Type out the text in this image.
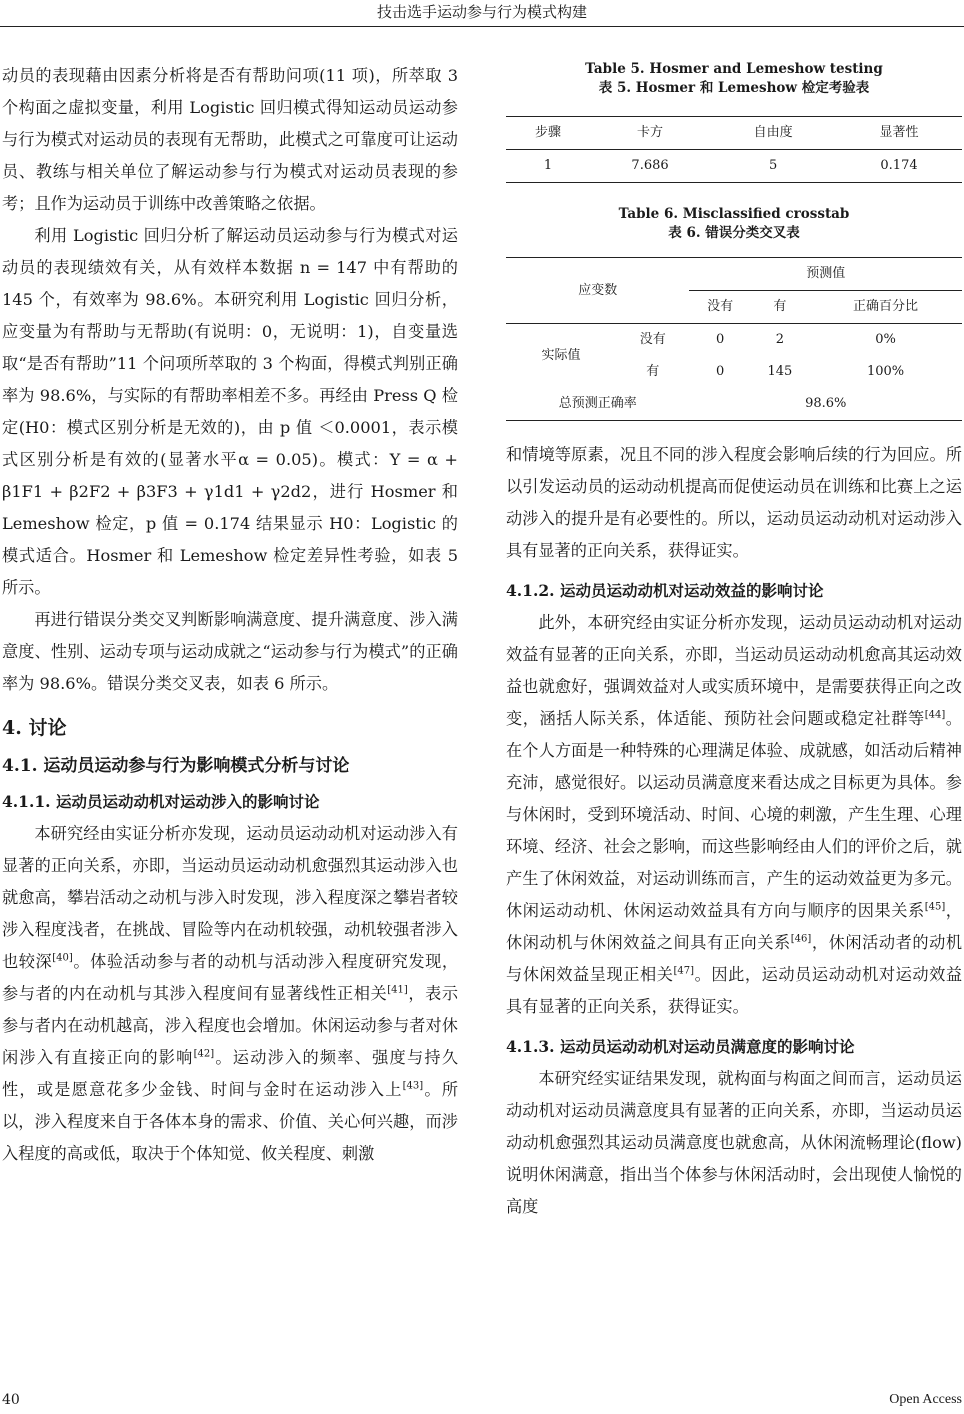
技击选手运动参与行为模式构建

动员的表现藉由因素分析将是否有帮助问项(11 项)，所萃取 3 个构面之虚拟变量，利用 Logistic 回归模式得知运动员运动参与行为模式对运动员的表现有无帮助，此模式之可靠度可让运动员、教练与相关单位了解运动参与行为模式对运动员表现的参考；且作为运动员于训练中改善策略之依据。

利用 Logistic 回归分析了解运动员运动参与行为模式对运动员的表现绩效有关，从有效样本数据 n = 147 中有帮助的 145 个，有效率为 98.6%。本研究利用 Logistic 回归分析，应变量为有帮助与无帮助(有说明：0，无说明：1)，自变量选取“是否有帮助”11 个问项所萃取的 3 个构面，得模式判别正确率为 98.6%，与实际的有帮助率相差不多。再经由 Press Q 检定(H0：模式区别分析是无效的)，由 p 值 ＜0.0001，表示模式区别分析是有效的(显著水平α = 0.05)。模式：Y = α + β1F1 + β2F2 + β3F3 + γ1d1 + γ2d2，进行 Hosmer 和 Lemeshow 检定，p 值 = 0.174 结果显示 H0：Logistic 的模式适合。Hosmer 和 Lemeshow 检定差异性考验，如表 5 所示。

再进行错误分类交叉判断影响满意度、提升满意度、涉入满意度、性别、运动专项与运动成就之“运动参与行为模式”的正确率为 98.6%。错误分类交叉表，如表 6 所示。

4. 讨论
4.1. 运动员运动参与行为影响模式分析与讨论
4.1.1. 运动员运动动机对运动涉入的影响讨论

本研究经由实证分析亦发现，运动员运动动机对运动涉入有显著的正向关系，亦即，当运动员运动动机愈强烈其运动涉入也就愈高，攀岩活动之动机与涉入时发现，涉入程度深之攀岩者较涉入程度浅者，在挑战、冒险等内在动机较强，动机较强者涉入也较深[40]。体验活动参与者的动机与活动涉入程度研究发现，参与者的内在动机与其涉入程度间有显著线性正相关[41]，表示参与者内在动机越高，涉入程度也会增加。休闲运动参与者对休闲涉入有直接正向的影响[42]。运动涉入的频率、强度与持久性，或是愿意花多少金钱、时间与金时在运动涉入上[43]。所以，涉入程度来自于各体本身的需求、价值、关心何兴趣，而涉入程度的高或低，取决于个体知觉、攸关程度、刺激

Table 5. Hosmer and Lemeshow testing
表 5. Hosmer 和 Lemeshow 检定考验表
步骤	卡方	自由度	显著性
1	7.686	5	0.174
Table 6. Misclassified crosstab
表 6. 错误分类交叉表
应变数		预测值		
		没有	有	正确百分比
实际值	没有	0	2	0%
	有	0	145	100%
总预测正确率		98.6%		

和情境等原素，况且不同的涉入程度会影响后续的行为回应。所以引发运动员的运动动机提高而促使运动员在训练和比赛上之运动涉入的提升是有必要性的。所以，运动员运动动机对运动涉入具有显著的正向关系，获得证实。

4.1.2. 运动员运动动机对运动效益的影响讨论

此外，本研究经由实证分析亦发现，运动员运动动机对运动效益有显著的正向关系，亦即，当运动员运动动机愈高其运动效益也就愈好，强调效益对人或实质环境中，是需要获得正向之改变，涵括人际关系，体适能、预防社会问题或稳定社群等[44]。在个人方面是一种特殊的心理满足体验、成就感，如活动后精神充沛，感觉很好。以运动员满意度来看达成之目标更为具体。参与休闲时，受到环境活动、时间、心境的刺激，产生生理、心理环境、经济、社会之影响，而这些影响经由人们的评价之后，就产生了休闲效益，对运动训练而言，产生的运动效益更为多元。休闲运动动机、休闲运动效益具有方向与顺序的因果关系[45]，休闲动机与休闲效益之间具有正向关系[46]，休闲活动者的动机与休闲效益呈现正相关[47]。因此，运动员运动动机对运动效益具有显著的正向关系，获得证实。

4.1.3. 运动员运动动机对运动员满意度的影响讨论

本研究经实证结果发现，就构面与构面之间而言，运动员运动动机对运动员满意度具有显著的正向关系，亦即，当运动员运动动机愈强烈其运动员满意度也就愈高，从休闲流畅理论(flow)说明休闲满意，指出当个体参与休闲活动时，会出现使人愉悦的高度

40	Open Access
